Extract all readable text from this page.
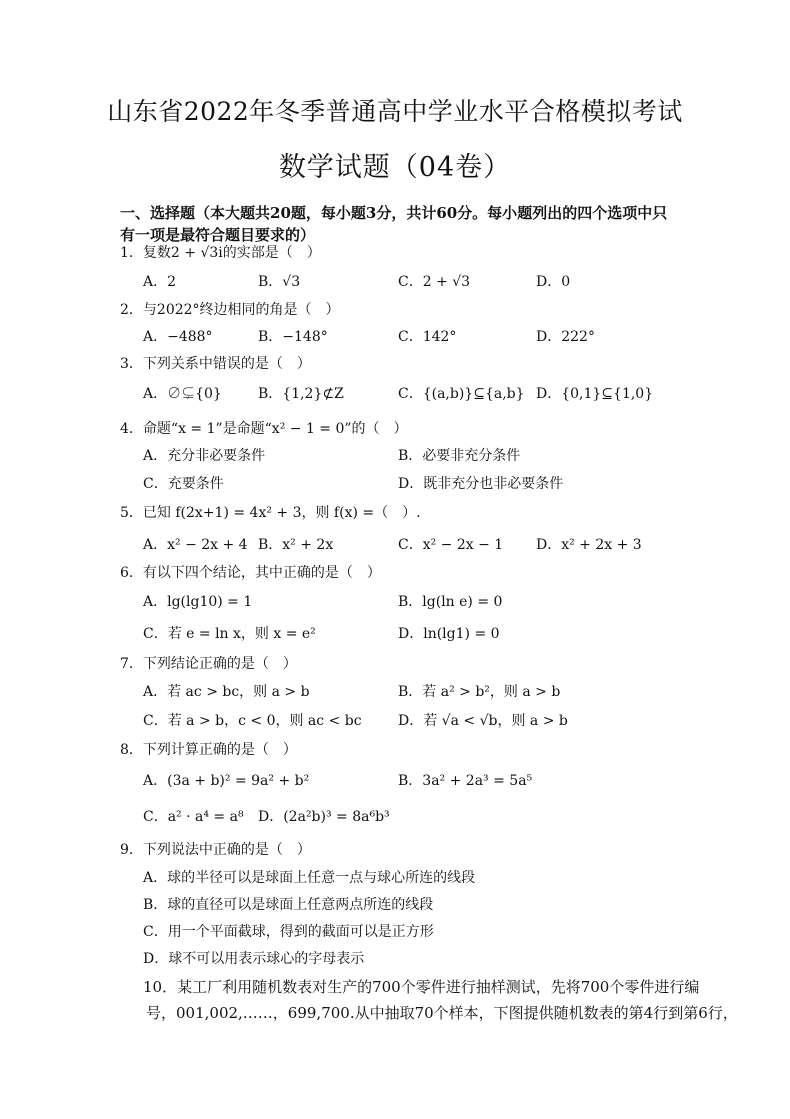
山东省2022年冬季普通高中学业水平合格模拟考试
数学试题（04卷）
一、选择题（本大题共20题，每小题3分，共计60分。每小题列出的四个选项中只有一项是最符合题目要求的）
1．复数2 + √3i的实部是（　）
A．2	B．√3	C．2 + √3	D．0
2．与2022°终边相同的角是（　）
A．−488°	B．−148°	C．142°	D．222°
3．下列关系中错误的是（　）
A．∅⊊{0}	B．{1,2}⊄Z	C．{(a,b)}⊆{a,b} D．{0,1}⊆{1,0}
4．命题“x = 1”是命题“x² − 1 = 0”的（　）
A．充分非必要条件	B．必要非充分条件
C．充要条件	D．既非充分也非必要条件
5．已知 f(2x+1) = 4x² + 3，则 f(x) =（　）.
A．x² − 2x + 4 B．x² + 2x	C．x² − 2x − 1 D．x² + 2x + 3
6．有以下四个结论，其中正确的是（　）
A．lg(lg10) = 1	B．lg(ln e) = 0
C．若 e = ln x，则 x = e²	D．ln(lg1) = 0
7．下列结论正确的是（　）
A．若 ac > bc，则 a > b	B．若 a² > b²，则 a > b
C．若 a > b，c < 0，则 ac < bc	D．若 √a < √b，则 a > b
8．下列计算正确的是（　）
A．(3a + b)² = 9a² + b²	B．3a² + 2a³ = 5a⁵
C．a² · a⁴ = a⁸ D．(2a²b)³ = 8a⁶b³
9．下列说法中正确的是（　）
A．球的半径可以是球面上任意一点与球心所连的线段
B．球的直径可以是球面上任意两点所连的线段
C．用一个平面截球，得到的截面可以是正方形
D．球不可以用表示球心的字母表示
10．某工厂利用随机数表对生产的700个零件进行抽样测试，先将700个零件进行编
号，001,002,……，699,700.从中抽取70个样本，下图提供随机数表的第4行到第6行，
